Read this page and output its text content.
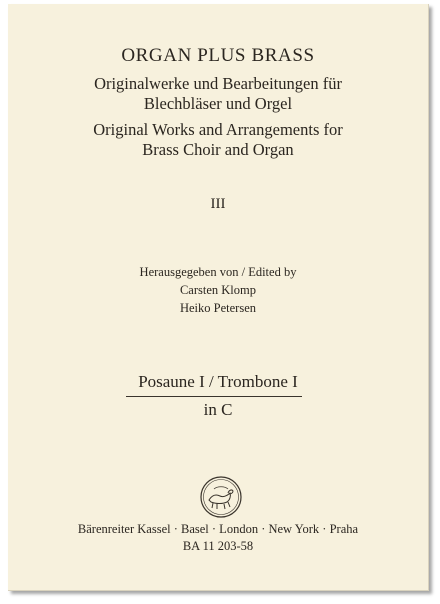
ORGAN PLUS BRASS
Originalwerke und Bearbeitungen für
Blechbläser und Orgel
Original Works and Arrangements for
Brass Choir and Organ
III
Herausgegeben von / Edited by
Carsten Klomp
Heiko Petersen
Posaune I / Trombone I
in C
Bärenreiter Kassel · Basel · London · New York · Praha
BA 11 203-58
